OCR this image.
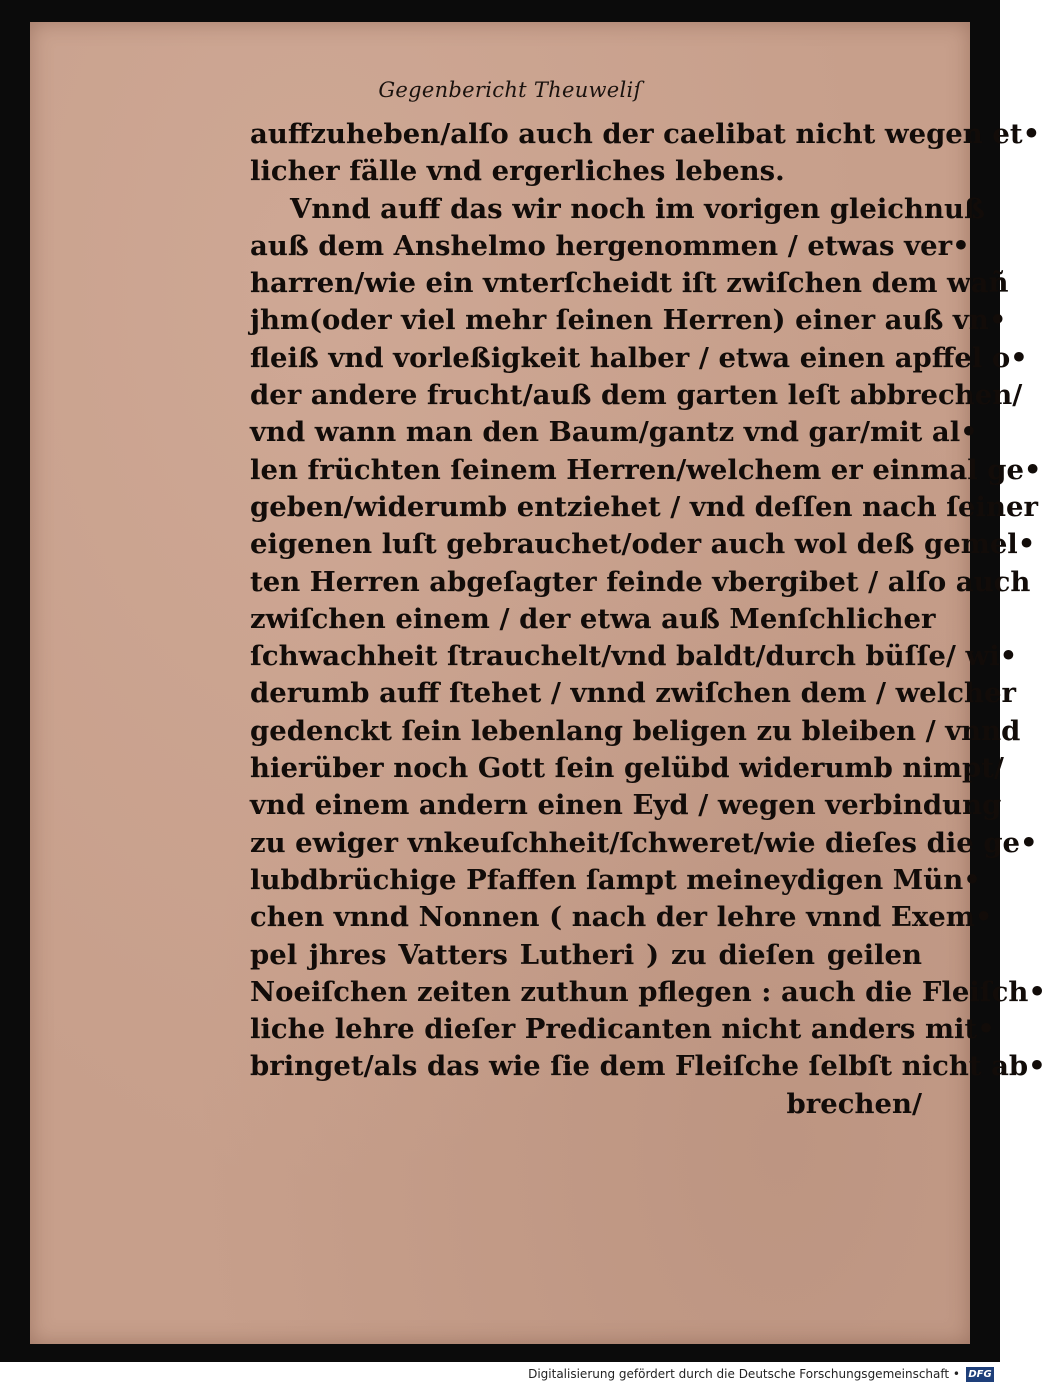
Gegenbericht Theuweliſ
auffzuheben/alſo auch der caelibat nicht wegen et•
licher fälle vnd ergerliches lebens.
Vnnd auff das wir noch im vorigen gleichnuß
auß dem Anshelmo hergenommen / etwas ver•
harren/wie ein vnterſcheidt iſt zwiſchen dem wañ
jhm(oder viel mehr ſeinen Herren) einer auß vn•
fleiß vnd vorleßigkeit halber / etwa einen apffel o•
der andere frucht/auß dem garten leſt abbrechen/
vnd wann man den Baum/gantz vnd gar/mit al•
len früchten ſeinem Herren/welchem er einmal ge•
geben/widerumb entziehet / vnd deſſen nach ſeiner
eigenen luſt gebrauchet/oder auch wol deß gemel•
ten Herren abgeſagter feinde vbergibet / alſo auch
zwiſchen einem / der etwa auß Menſchlicher
ſchwachheit ſtrauchelt/vnd baldt/durch büſſe/ wi•
derumb auff ſtehet / vnnd zwiſchen dem / welcher
gedenckt ſein lebenlang beligen zu bleiben / vnnd
hierüber noch Gott ſein gelübd widerumb nimpt/
vnd einem andern einen Eyd / wegen verbindung
zu ewiger vnkeuſchheit/ſchweret/wie dieſes die ge•
lubdbrüchige Pfaffen ſampt meineydigen Mün•
chen vnnd Nonnen ( nach der lehre vnnd Exem•
pel jhres Vatters Lutheri ) zu dieſen geilen
Noeiſchen zeiten zuthun pflegen : auch die Fleiſch•
liche lehre dieſer Predicanten nicht anders mit•
bringet/als das wie ſie dem Fleiſche ſelbſt nicht ab•
brechen/
Digitalisierung gefördert durch die Deutsche Forschungsgemeinschaft • DFG
